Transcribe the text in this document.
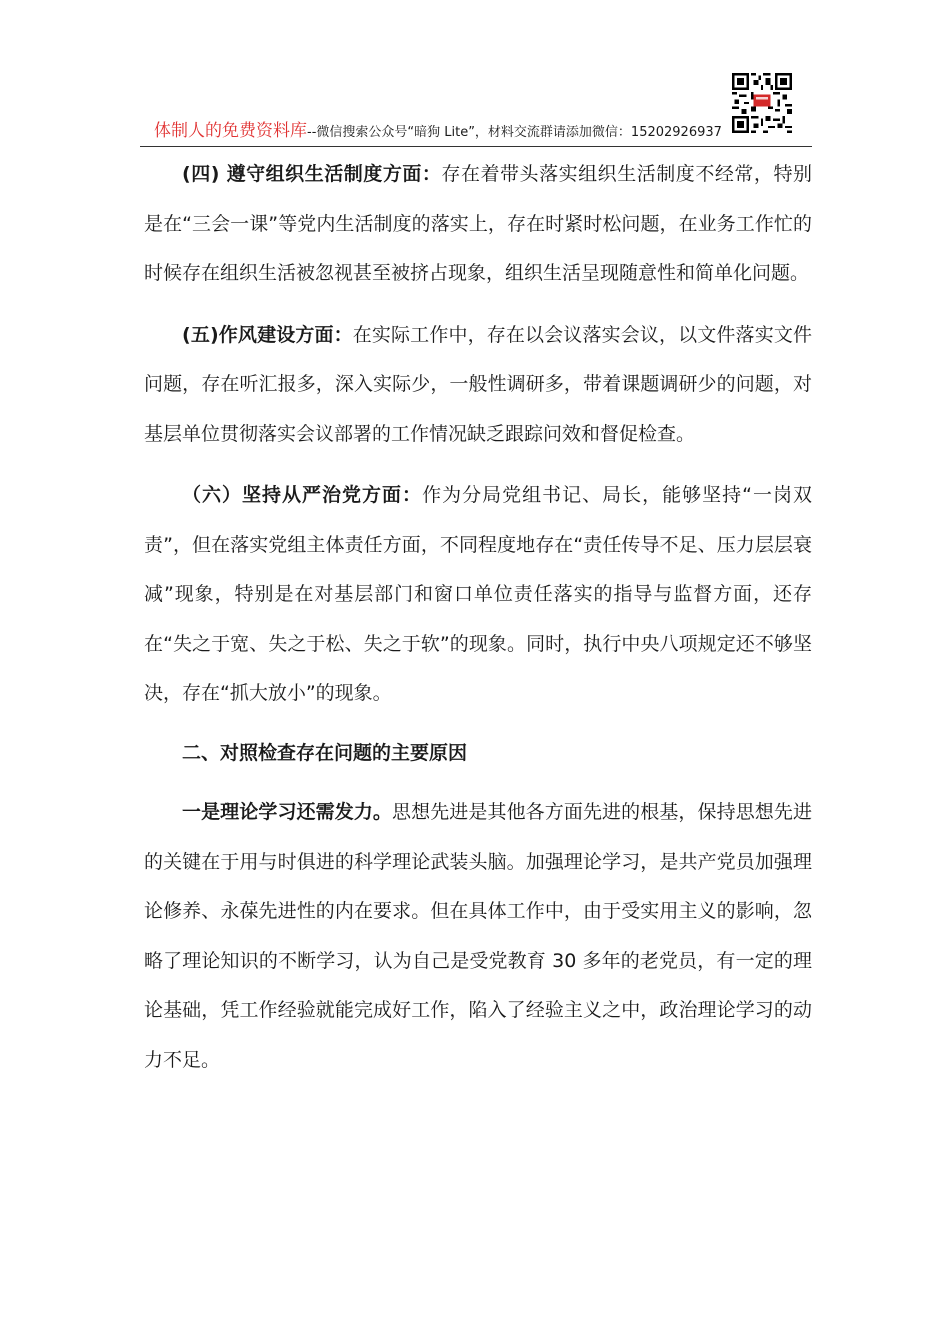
体制人的免费资料库--微信搜索公众号“暗狗 Lite”，材料交流群请添加微信：15202926937

(四) 遵守组织生活制度方面：存在着带头落实组织生活制度不经常，特别是在“三会一课”等党内生活制度的落实上，存在时紧时松问题，在业务工作忙的时候存在组织生活被忽视甚至被挤占现象，组织生活呈现随意性和简单化问题。

(五)作风建设方面：在实际工作中，存在以会议落实会议，以文件落实文件问题，存在听汇报多，深入实际少，一般性调研多，带着课题调研少的问题，对基层单位贯彻落实会议部署的工作情况缺乏跟踪问效和督促检查。

（六）坚持从严治党方面：作为分局党组书记、局长，能够坚持“一岗双责”，但在落实党组主体责任方面，不同程度地存在“责任传导不足、压力层层衰减”现象，特别是在对基层部门和窗口单位责任落实的指导与监督方面，还存在“失之于宽、失之于松、失之于软”的现象。同时，执行中央八项规定还不够坚决，存在“抓大放小”的现象。

二、对照检查存在问题的主要原因

一是理论学习还需发力。思想先进是其他各方面先进的根基，保持思想先进的关键在于用与时俱进的科学理论武装头脑。加强理论学习，是共产党员加强理论修养、永葆先进性的内在要求。但在具体工作中，由于受实用主义的影响，忽略了理论知识的不断学习，认为自己是受党教育 30 多年的老党员，有一定的理论基础，凭工作经验就能完成好工作，陷入了经验主义之中，政治理论学习的动力不足。
